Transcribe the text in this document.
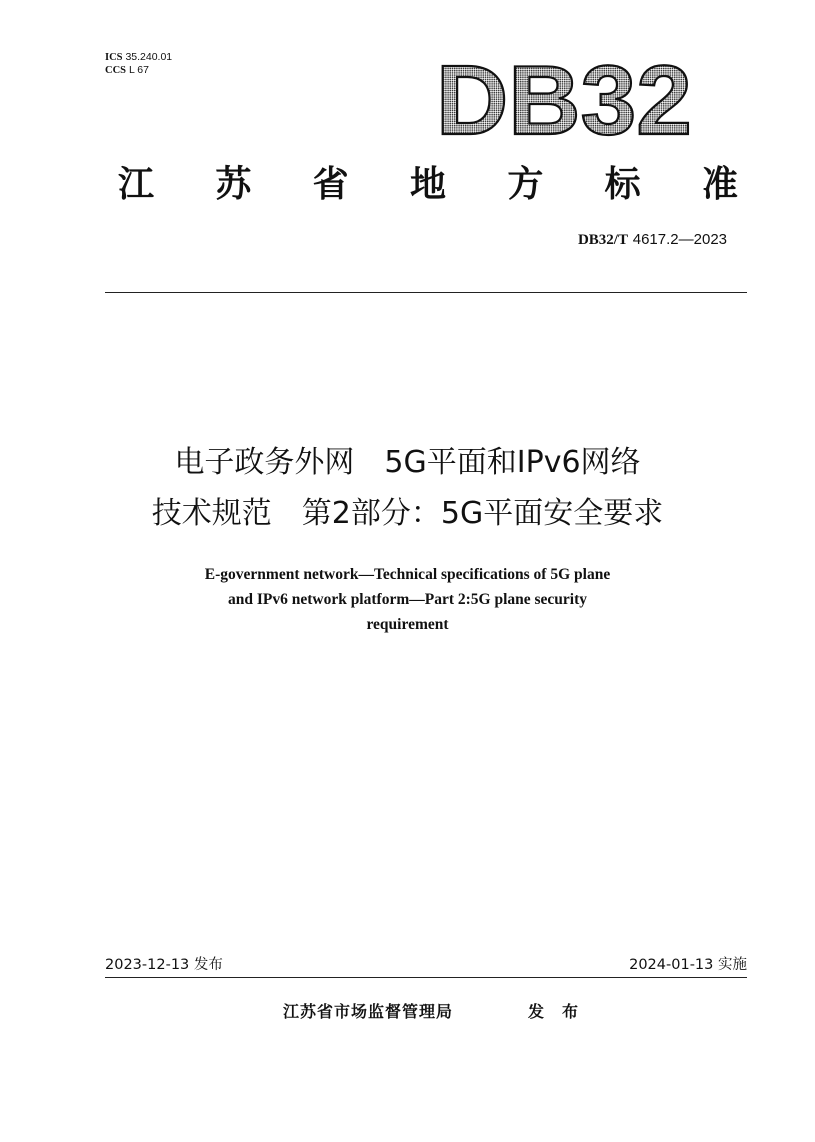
ICS 35.240.01
CCS L 67	DB32
江 苏 省 地 方 标 准
DB32/T 4617.2—2023
电子政务外网　5G平面和IPv6网络
技术规范　第2部分：5G平面安全要求
E-government network—Technical specifications of 5G plane
and IPv6 network platform—Part 2:5G plane security
requirement
2023-12-13 发布	2024-01-13 实施
江苏省市场监督管理局	发布
